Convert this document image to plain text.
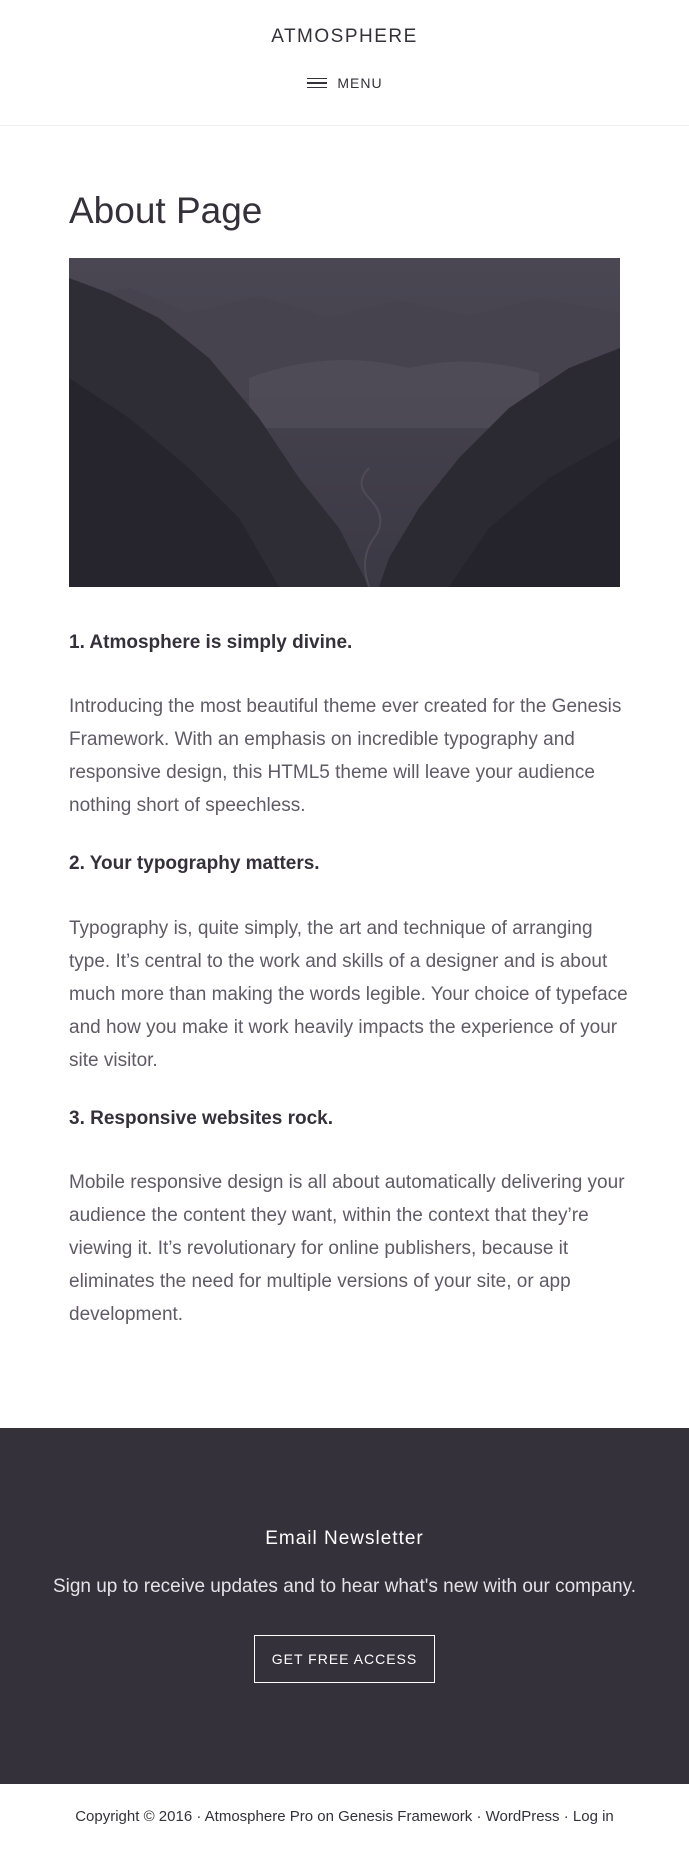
ATMOSPHERE
MENU
About Page
1. Atmosphere is simply divine.

Introducing the most beautiful theme ever created for the Genesis Framework. With an emphasis on incredible typography and responsive design, this HTML5 theme will leave your audience nothing short of speechless.

2. Your typography matters.

Typography is, quite simply, the art and technique of arranging type. It’s central to the work and skills of a designer and is about much more than making the words legible. Your choice of typeface and how you make it work heavily impacts the experience of your site visitor.

3. Responsive websites rock.

Mobile responsive design is all about automatically delivering your audience the content they want, within the context that they’re viewing it. It’s revolutionary for online publishers, because it eliminates the need for multiple versions of your site, or app development.

Email Newsletter

Sign up to receive updates and to hear what's new with our company.

GET FREE ACCESS
Copyright © 2016 · Atmosphere Pro on Genesis Framework · WordPress · Log in
